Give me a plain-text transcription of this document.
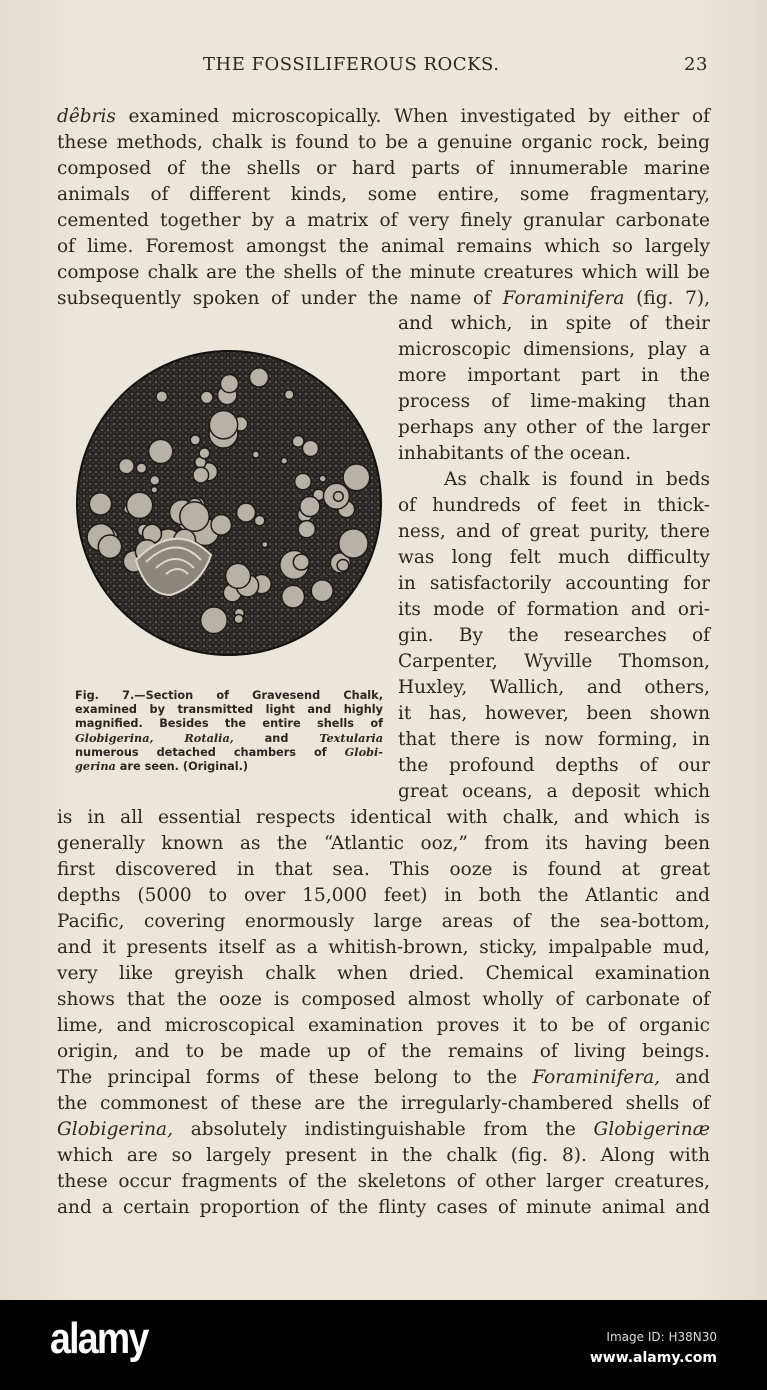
THE FOSSILIFEROUS ROCKS.	23
dêbris examined microscopically. When investigated by either of
these methods, chalk is found to be a genuine organic rock, being
composed of the shells or hard parts of innumerable marine
animals of different kinds, some entire, some fragmentary,
cemented together by a matrix of very finely granular carbonate
of lime. Foremost amongst the animal remains which so largely
compose chalk are the shells of the minute creatures which will be
subsequently spoken of under the name of Foraminifera (fig. 7),
and which, in spite of their
microscopic dimensions, play a
more important part in the
process of lime-making than
perhaps any other of the larger
inhabitants of the ocean.
As chalk is found in beds
of hundreds of feet in thick-
ness, and of great purity, there
was long felt much difficulty
in satisfactorily accounting for
its mode of formation and ori-
gin. By the researches of
Carpenter, Wyville Thomson,
Huxley, Wallich, and others,
it has, however, been shown
that there is now forming, in
the profound depths of our
great oceans, a deposit which
is in all essential respects identical with chalk, and which is
generally known as the “Atlantic ooz,” from its having been
first discovered in that sea. This ooze is found at great
depths (5000 to over 15,000 feet) in both the Atlantic and
Pacific, covering enormously large areas of the sea-bottom,
and it presents itself as a whitish-brown, sticky, impalpable mud,
very like greyish chalk when dried. Chemical examination
shows that the ooze is composed almost wholly of carbonate of
lime, and microscopical examination proves it to be of organic
origin, and to be made up of the remains of living beings.
The principal forms of these belong to the Foraminifera, and
the commonest of these are the irregularly-chambered shells of
Globigerina, absolutely indistinguishable from the Globigerinæ
which are so largely present in the chalk (fig. 8). Along with
these occur fragments of the skeletons of other larger creatures,
and a certain proportion of the flinty cases of minute animal and
Fig. 7.—Section of Gravesend Chalk,
examined by transmitted light and highly
magnified. Besides the entire shells of
Globigerina,	Rotalia, and Textularia
numerous detached chambers of Globi-
gerina are seen. (Original.)
alamy	Image ID: H38N30
www.alamy.com
